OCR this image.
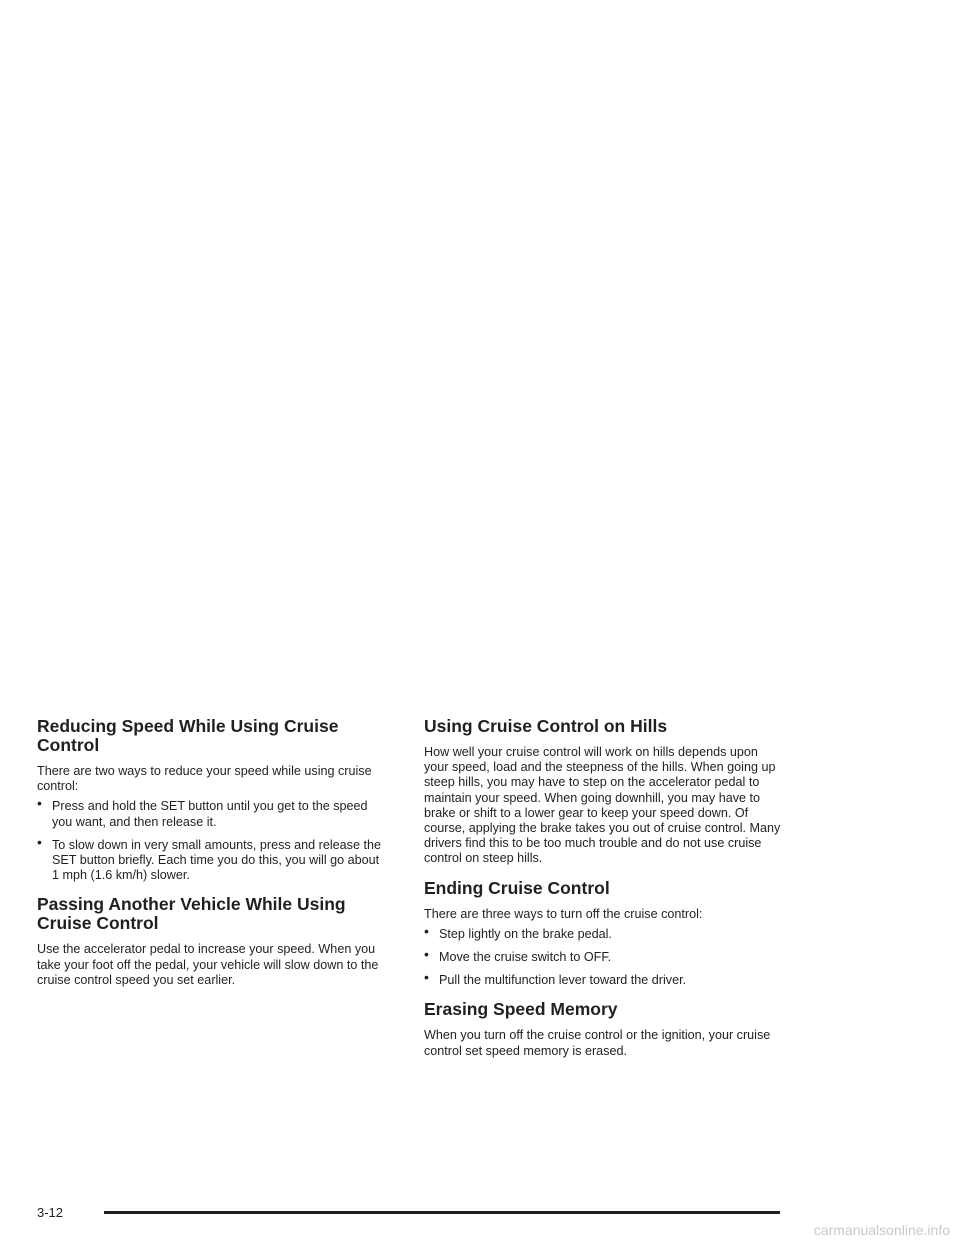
Reducing Speed While Using Cruise Control

There are two ways to reduce your speed while using cruise control:

• Press and hold the SET button until you get to the speed you want, and then release it.
• To slow down in very small amounts, press and release the SET button briefly. Each time you do this, you will go about 1 mph (1.6 km/h) slower.
Passing Another Vehicle While Using Cruise Control

Use the accelerator pedal to increase your speed. When you take your foot off the pedal, your vehicle will slow down to the cruise control speed you set earlier.

Using Cruise Control on Hills

How well your cruise control will work on hills depends upon your speed, load and the steepness of the hills. When going up steep hills, you may have to step on the accelerator pedal to maintain your speed. When going downhill, you may have to brake or shift to a lower gear to keep your speed down. Of course, applying the brake takes you out of cruise control. Many drivers find this to be too much trouble and do not use cruise control on steep hills.

Ending Cruise Control

There are three ways to turn off the cruise control:

• Step lightly on the brake pedal.
• Move the cruise switch to OFF.
• Pull the multifunction lever toward the driver.
Erasing Speed Memory

When you turn off the cruise control or the ignition, your cruise control set speed memory is erased.

3-12
carmanualsonline.info
